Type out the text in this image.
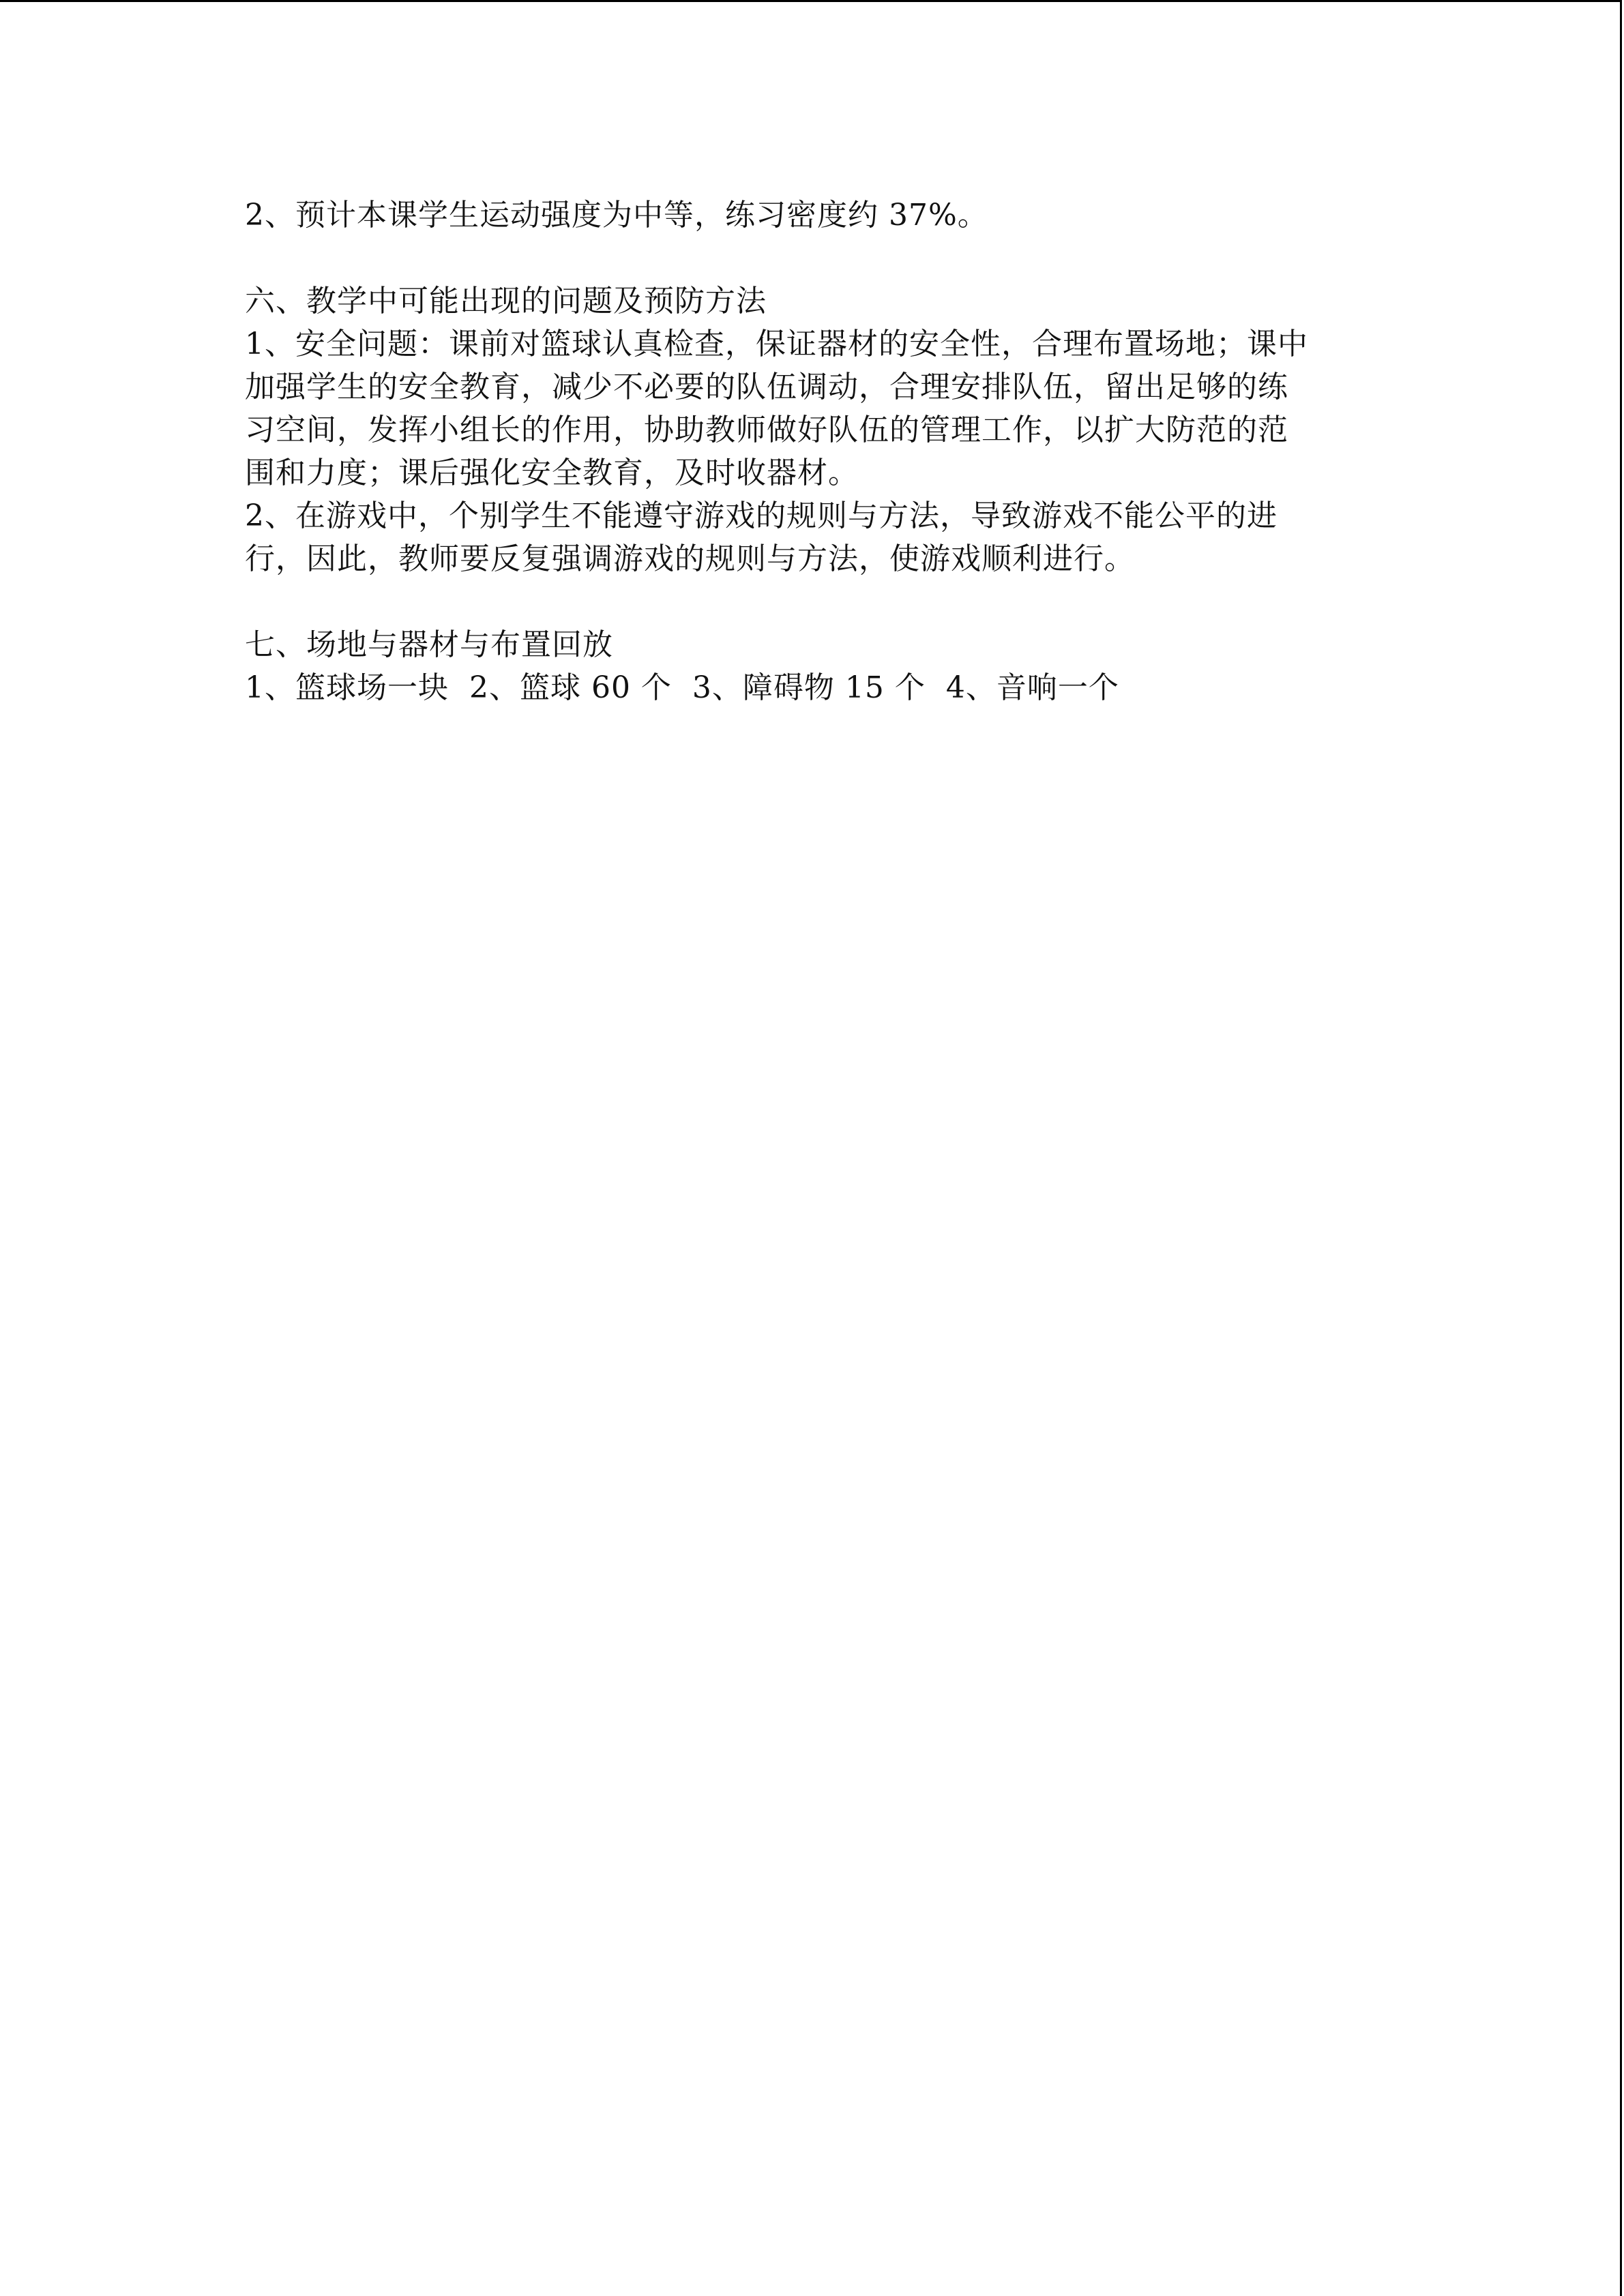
2、预计本课学生运动强度为中等，练习密度约 37%。

六、教学中可能出现的问题及预防方法

1、安全问题：课前对篮球认真检查，保证器材的安全性，合理布置场地；课中

加强学生的安全教育，减少不必要的队伍调动，合理安排队伍，留出足够的练

习空间，发挥小组长的作用，协助教师做好队伍的管理工作，以扩大防范的范

围和力度；课后强化安全教育，及时收器材。

2、在游戏中，个别学生不能遵守游戏的规则与方法，导致游戏不能公平的进

行，因此，教师要反复强调游戏的规则与方法，使游戏顺利进行。

七、场地与器材与布置回放

1、篮球场一块  2、篮球 60 个  3、障碍物 15 个  4、音响一个
